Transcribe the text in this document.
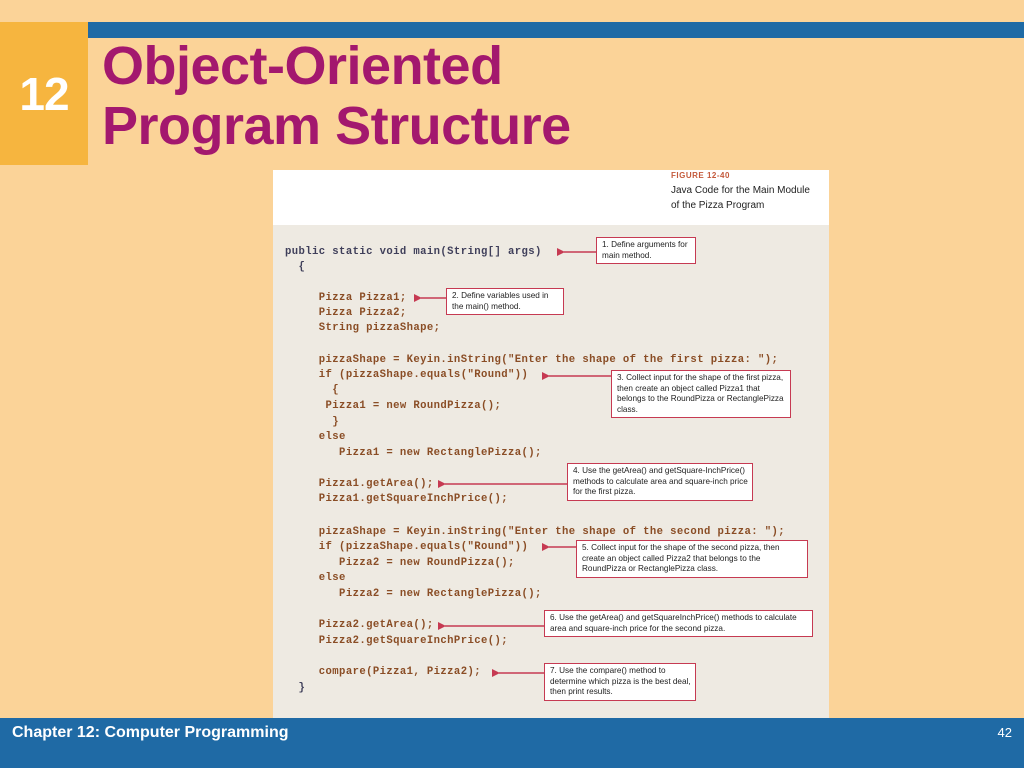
12 Object-Oriented
Program Structure
FIGURE 12-40
Java Code for the Main Module of the Pizza Program
public static void main(String[] args)
{
Pizza Pizza1;
Pizza Pizza2;
String pizzaShape;
pizzaShape = Keyin.inString("Enter the shape of the first pizza: ");
if (pizzaShape.equals("Round"))
{
Pizza1 = new RoundPizza();
}
else
Pizza1 = new RectanglePizza();
Pizza1.getArea();
Pizza1.getSquareInchPrice();
pizzaShape = Keyin.inString("Enter the shape of the second pizza: ");
if (pizzaShape.equals("Round"))
Pizza2 = new RoundPizza();
else
Pizza2 = new RectanglePizza();
Pizza2.getArea();
Pizza2.getSquareInchPrice();
compare(Pizza1, Pizza2);
}
1. Define arguments for main method.
2. Define variables used in the main() method.
3. Collect input for the shape of the first pizza, then create an object called Pizza1 that belongs to the RoundPizza or RectanglePizza class.
4. Use the getArea() and getSquare-InchPrice() methods to calculate area and square-inch price for the first pizza.
5. Collect input for the shape of the second pizza, then create an object called Pizza2 that belongs to the RoundPizza or RectanglePizza class.
6. Use the getArea() and getSquareInchPrice() methods to calculate area and square-inch price for the second pizza.
7. Use the compare() method to determine which pizza is the best deal, then print results.
Chapter 12: Computer Programming	42
